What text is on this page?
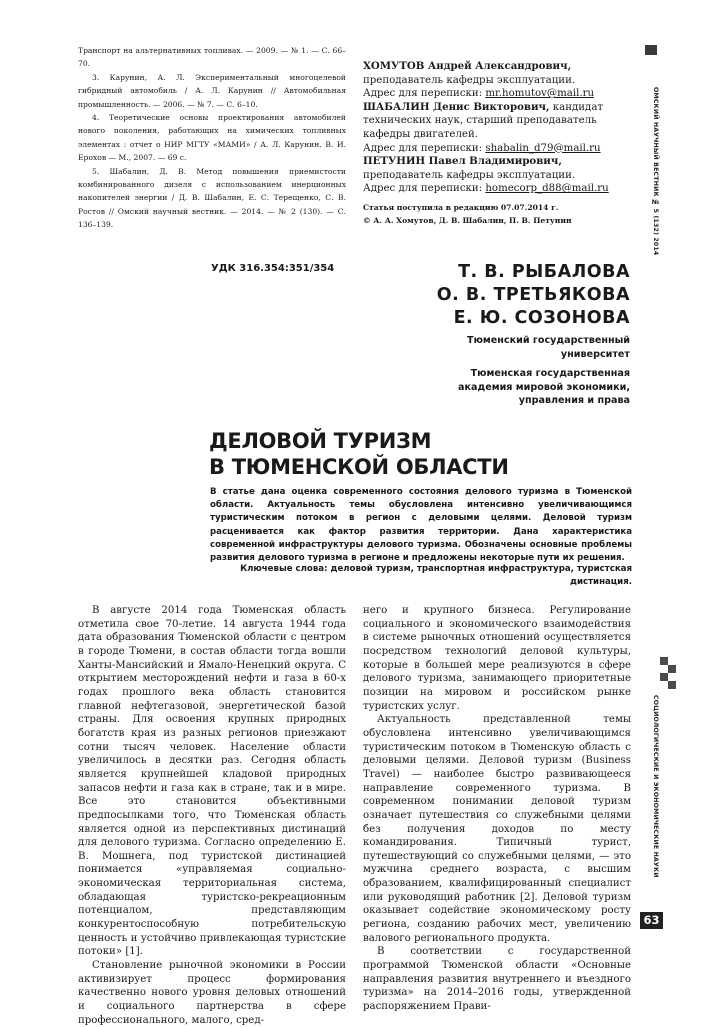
Транспорт на альтернативных топливах. — 2009. — № 1. — С. 66–70.

3. Карунин, А. Л. Экспериментальный многоцелевой гибридный автомобиль / А. Л. Карунин // Автомобильная промышленность. — 2006. — № 7. — С. 6–10.

4. Теоретические основы проектирования автомобилей нового поколения, работающих на химических топливных элементах : отчет о НИР МГТУ «МАМИ» / А. Л. Карунин, В. И. Ерохов — М., 2007. — 69 с.

5. Шабалин, Д. В. Метод повышения приемистости комбинированного дизеля с использованием инерционных накопителей энергии / Д. В. Шабалин, Е. С. Терещенко, С. В. Ростов // Омский научный вестник. — 2014. — № 2 (130). — С. 136–139.

ХОМУТОВ Андрей Александрович, преподаватель кафедры эксплуатации.

Адрес для переписки: mr.homutov@mail.ru

ШАБАЛИН Денис Викторович, кандидат технических наук, старший преподаватель кафедры двигателей.

Адрес для переписки: shabalin_d79@mail.ru

ПЕТУНИН Павел Владимирович, преподаватель кафедры эксплуатации.

Адрес для переписки: homecorp_d88@mail.ru

Статья поступила в редакцию 07.07.2014 г.

© А. А. Хомутов, Д. В. Шабалин, П. В. Петунин

УДК 316.354:351/354	Т. В. РЫБАЛОВА
О. В. ТРЕТЬЯКОВА
Е. Ю. СОЗОНОВА
Тюменский государственный
университет
Тюменская государственная
академия мировой экономики,
управления и права
ДЕЛОВОЙ ТУРИЗМ
В ТЮМЕНСКОЙ ОБЛАСТИ
В статье дана оценка современного состояния делового туризма в Тюменской области. Актуальность темы обусловлена интенсивно увеличивающимся туристическим потоком в регион с деловыми целями. Деловой туризм расценивается как фактор развития территории. Дана характеристика современной инфраструктуры делового туризма. Обозначены основные проблемы развития делового туризма в регионе и предложены некоторые пути их решения.
Ключевые слова: деловой туризм, транспортная инфраструктура, туристская дистинация.

В августе 2014 года Тюменская область отметила свое 70-летие. 14 августа 1944 года дата образования Тюменской области с центром в городе Тюмени, в состав области тогда вошли Ханты-Мансийский и Ямало-Ненецкий округа. С открытием месторождений нефти и газа в 60-х годах прошлого века область становится главной нефтегазовой, энергетической базой страны. Для освоения крупных природных богатств края из разных регионов приезжают сотни тысяч человек. Население области увеличилось в десятки раз. Сегодня область является крупнейшей кладовой природных запасов нефти и газа как в стране, так и в мире. Все это становится объективными предпосылками того, что Тюменская область является одной из перспективных дистинаций для делового туризма. Согласно определению Е. В. Мошнега, под туристской дистинацией понимается «управляемая социально-экономическая территориальная система, обладающая туристско-рекреационным потенциалом, представляющим конкурентоспособную потребительскую ценность и устойчиво привлекающая туристские потоки» [1].

Становление рыночной экономики в России активизирует процесс формирования качественно нового уровня деловых отношений и социального партнерства в сфере профессионального, малого, сред-

него и крупного бизнеса. Регулирование социального и экономического взаимодействия в системе рыночных отношений осуществляется посредством технологий деловой культуры, которые в большей мере реализуются в сфере делового туризма, занимающего приоритетные позиции на мировом и российском рынке туристских услуг.

Актуальность представленной темы обусловлена интенсивно увеличивающимся туристическим потоком в Тюменскую область с деловыми целями. Деловой туризм (Business Travel) — наиболее быстро развивающееся направление современного туризма. В современном понимании деловой туризм означает путешествия со служебными целями без получения доходов по месту командирования. Типичный турист, путешествующий со служебными целями, — это мужчина среднего возраста, с высшим образованием, квалифицированный специалист или руководящий работник [2]. Деловой туризм оказывает содействие экономическому росту региона, созданию рабочих мест, увеличению валового регионального продукта.

В соответствии с государственной программой Тюменской области «Основные направления развития внутреннего и въездного туризма» на 2014–2016 годы, утвержденной распоряжением Прави-

ОМСКИЙ НАУЧНЫЙ ВЕСТНИК № 5 (132) 2014
СОЦИОЛОГИЧЕСКИЕ И ЭКОНОМИЧЕСКИЕ НАУКИ
63
